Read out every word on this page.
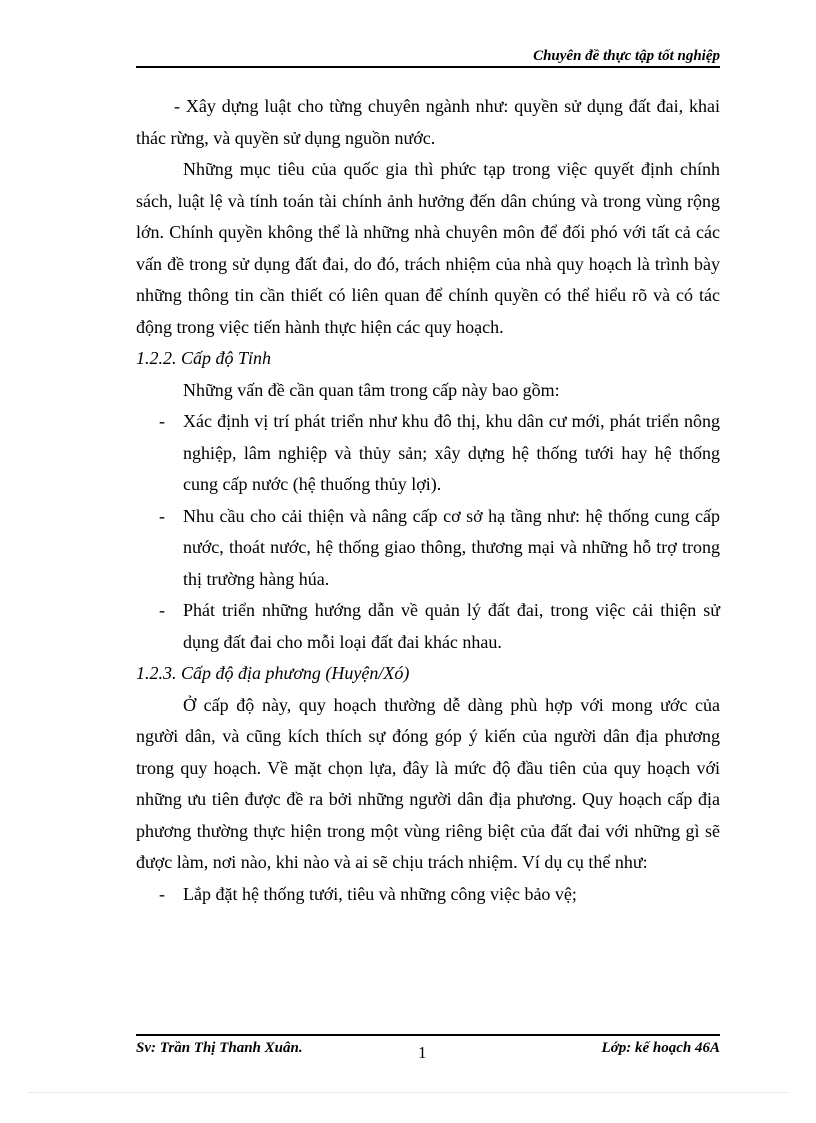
Chuyên đề thực tập tốt nghiệp

- Xây dựng luật cho từng chuyên ngành như: quyền sử dụng đất đai, khai thác rừng, và quyền sử dụng nguồn nước.

Những mục tiêu của quốc gia thì phức tạp trong việc quyết định chính sách, luật lệ và tính toán tài chính ảnh hưởng đến dân chúng và trong vùng rộng lớn. Chính quyền không thể là những nhà chuyên môn để đối phó với tất cả các vấn đề trong sử dụng đất đai, do đó, trách nhiệm của nhà quy hoạch là trình bày những thông tin cần thiết có liên quan để chính quyền có thể hiểu rõ và có tác động trong việc tiến hành thực hiện các quy hoạch.

1.2.2. Cấp độ Tỉnh

Những vấn đề cần quan tâm trong cấp này bao gồm:

- Xác định vị trí phát triển như khu đô thị, khu dân cư mới, phát triển nông nghiệp, lâm nghiệp và thủy sản; xây dựng hệ thống tưới hay hệ thống cung cấp nước (hệ thuống thủy lợi).
- Nhu cầu cho cải thiện và nâng cấp cơ sở hạ tầng như: hệ thống cung cấp nước, thoát nước, hệ thống giao thông, thương mại và những hỗ trợ trong thị trường hàng húa.
- Phát triển những hướng dẫn về quản lý đất đai, trong việc cải thiện sử dụng đất đai cho mỗi loại đất đai khác nhau.

1.2.3. Cấp độ địa phương (Huyện/Xó)

Ở cấp độ này, quy hoạch thường dễ dàng phù hợp với mong ước của người dân, và cũng kích thích sự đóng góp ý kiến của người dân địa phương trong quy hoạch. Về mặt chọn lựa, đây là mức độ đầu tiên của quy hoạch với những ưu tiên được đề ra bởi những người dân địa phương. Quy hoạch cấp địa phương thường thực hiện trong một vùng riêng biệt của đất đai với những gì sẽ được làm, nơi nào, khi nào và ai sẽ chịu trách nhiệm. Ví dụ cụ thể như:

- Lắp đặt hệ thống tưới, tiêu và những công việc bảo vệ;
Sv: Trần Thị Thanh Xuân.	Lớp: kế hoạch 46A
1
